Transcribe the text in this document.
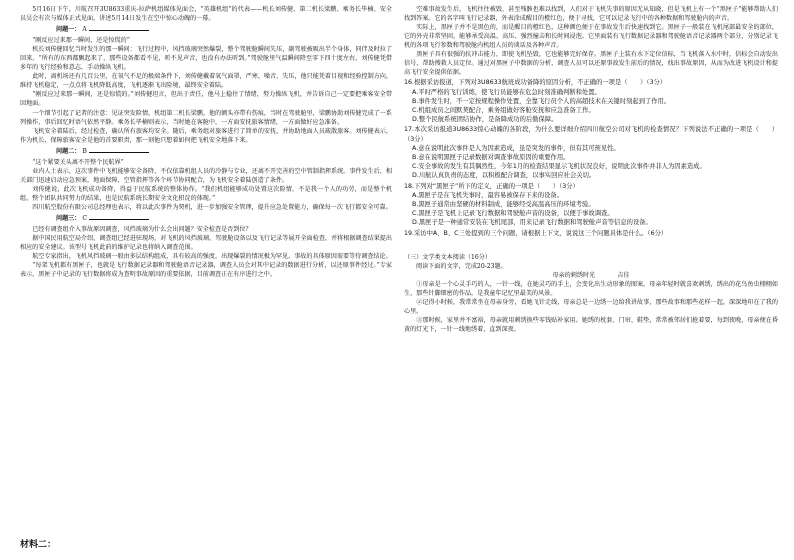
5月16日下午，川航召开3U8633重庆-拉萨机组媒体见面会，“英雄机组”的代表——机长刘传健、第二机长梁鹏、乘务长毕楠、安全员吴会有次与媒体正式见面，讲述5月14日发生在空中惊心动魄的一幕。

问题一： A

“刚反应过来那一瞬间，还是惊慌的”

机长刘传健回忆当时发生的那一瞬间：飞行过程中，风挡玻璃突然爆裂，整个驾驶舱瞬间失压，副驾驶被吸出半个身体，同伴及时拉了回来。“所有的东西都飘起来了，那些设备都看不见，听不见声音，也没有办法听到。”驾驶舱里气温瞬间降至零下四十度左右，刘传健凭借多年的飞行经验和意志，手动操纵飞机。

此时，离机场还有几百公里，在氧气不足的极端条件下，刘传健戴着氧气面罩，严寒、噪音、失压，他只能凭着目视和经验控制方向，维持飞机稳定，一点点将飞机降低高度，飞机逐渐飞出险境，最终安全着陆。

“刚反应过来那一瞬间，还是惊慌的。”刘传健坦言，但出于责任，他马上稳住了情绪，努力操纵飞机，并告诉自己一定要把乘客安全带回地面。

一个细节引起了记者的注意：见证突发险情，机组第二机长梁鹏，他的额头亦带有伤痕，当时在驾驶舱里，梁鹏协助刘传健完成了一系列操作，事后回忆时语气依然平静。乘务长毕楠则表示，当时她在客舱中，一方面安抚旅客情绪，一方面做好应急准备。

飞机安全着陆后，经过检查，确认所有旅客均安全。随后，乘务组对旅客进行了简单的安抚，并协助地面人员疏散旅客。刘传健表示，作为机长，保障旅客安全是他的首要职责，那一刻他只想着如何把飞机安全地落下来。

问题二： B

“这个紧要关头离不开整个民航界”

业内人士表示，这次事件中飞机能够安全备降，不仅依靠机组人员的冷静与专业，还离不开完善的空中管制指挥系统。事件发生后，相关部门迅速启动应急预案，地面保障、空管指挥等各个环节协同配合，为飞机安全着陆创造了条件。

刘传健说，此次飞机成功备降，得益于民航系统的整体协作。“我们机组能够成功处置这次险情，不是我一个人的功劳，而是整个机组、整个团队共同努力的结果，也是民航系统长期安全文化积淀的体现。”

四川航空股份有限公司总经理也表示，将以此次事件为契机，进一步加强安全管理，提升应急处置能力，确保每一次飞行都安全可靠。

问题三： C

已经有调查组介入事故原因调查，风挡玻璃为什么会出问题？安全检查是否到位？

据中国民用航空局介绍，调查组已经进驻现场，对飞机的风挡玻璃、驾驶舱设备以及飞行记录等展开全面检查，并将根据调查结果提出相应的安全建议。该型号飞机此前的维护记录也将纳入调查范围。

航空专家指出，飞机风挡玻璃一般由多层结构组成，具有较高的强度，出现爆裂的情况极为罕见。事故的具体原因需要等待调查结论。

“每架飞机都有黑匣子，也就是飞行数据记录器和驾驶舱语音记录器，调查人员会对其中记录的数据进行分析，以还原事件经过。”专家表示，黑匣子中记录的飞行数据将成为查明事故原因的重要依据，目前调查正在有序进行之中。

空难事故发生后，飞机往往被毁，甚至残骸也难以找到，人们对于飞机失事的原因无从知晓，但是飞机上有一个“黑匣子”能够帮助人们找到答案。它的名字叫飞行记录器，外表涂成醒目的橙红色，便于寻找，它可以记录飞行中的各种数据和驾驶舱内的声音。

实际上，黑匣子并不是黑色的，而是醒目的橙红色，这种颜色便于在事故发生后快速找到它。黑匣子一般装在飞机尾部最安全的部位，它的外壳非常坚固，能够承受高温、高压、强烈撞击和长时间浸泡。它里面装有飞行数据记录器和驾驶舱语音记录器两个部分，分别记录飞机的各项飞行参数和驾驶舱内机组人员的谈话及各种声音。

黑匣子具有很强的抗冲击能力，即使飞机坠毁，它也能够完好保存。黑匣子上装有水下定位信标，当飞机落入水中时，信标会自动发出信号，帮助搜救人员定位。通过对黑匣子中数据的分析，调查人员可以还原事故发生前后的情况，找出事故原因，从而为改进飞机设计和提高飞行安全提供依据。

16.根据采访报道，下列对3U8633航班成功备降的原因分析，不正确的一项是（　　）（3分）

A.平时严格的飞行训练，使飞行员能够在危急时刻准确判断和处置。

B.事件发生时，不一定按规程操作处置，全靠飞行员个人的高超技术在关键时刻起到了作用。

C.机组成员之间默契配合，乘务组做好客舱安抚和应急准备工作。

D.整个民航系统团结协作，是备降成功的后勤保障。

17.本次采访报道3U8633惊心动魄的各阶段，为什么要详细介绍四川航空公司对飞机的检查情况？下列说法不正确的一项是（　　）（3分）

A.意在说明此次事件是人为因素造成，虽是突发的事件，但有其可预见性。

B.意在说明黑匣子记录数据对调查事故原因的重要作用。

C.安全事故的发生有其偶然性，今年1月的检查结果显示飞机状况良好，说明此次事件并非人为因素造成。

D.川航认真负责的态度，以积极配合调查，以事实回应社会关切。

18.下列对“黑匣子”所下的定义，正确的一项是（　　）（3分）

A.黑匣子是在飞机失事时，最容易被保存下来的设备。

B.黑匣子通常由坚硬的材料制成，能够经受高温高压的环境考验。

C.黑匣子是飞机上记录飞行数据和驾驶舱声音的设备，以便于事故调查。

D.黑匣子是一种通常安装在飞机尾部，用来记录飞行数据和驾驶舱声音等信息的设备。

19.采访中A、B、C三处提到的三个问题，请根据上下文，说说这三个问题具体是什么。（6分）

（三）文学类文本阅读（16分）

阅读下面的文字，完成20-23题。

母亲的刺绣时光 　　　	吉佳

①母亲是一个心灵手巧的人，一针一线，在她灵巧的手上，会变化出生动形象的图案。母亲年轻时就喜欢刺绣，绣出的花鸟鱼虫栩栩如生，那些针脚细密的作品，是我童年记忆里最美的风景。

②记得小时候，我常常坐在母亲身旁，看她飞针走线，母亲总是一边绣一边给我讲故事，那些故事和那些花样一起，深深地印在了我的心里。

③那时候，家里并不富裕，母亲就用刺绣换些零钱贴补家用。她绣的枕套、门帘、鞋垫，常常被邻居们抢着要，每到夜晚，母亲便在昏黄的灯光下，一针一线地绣着，直到深夜。

材料二：
